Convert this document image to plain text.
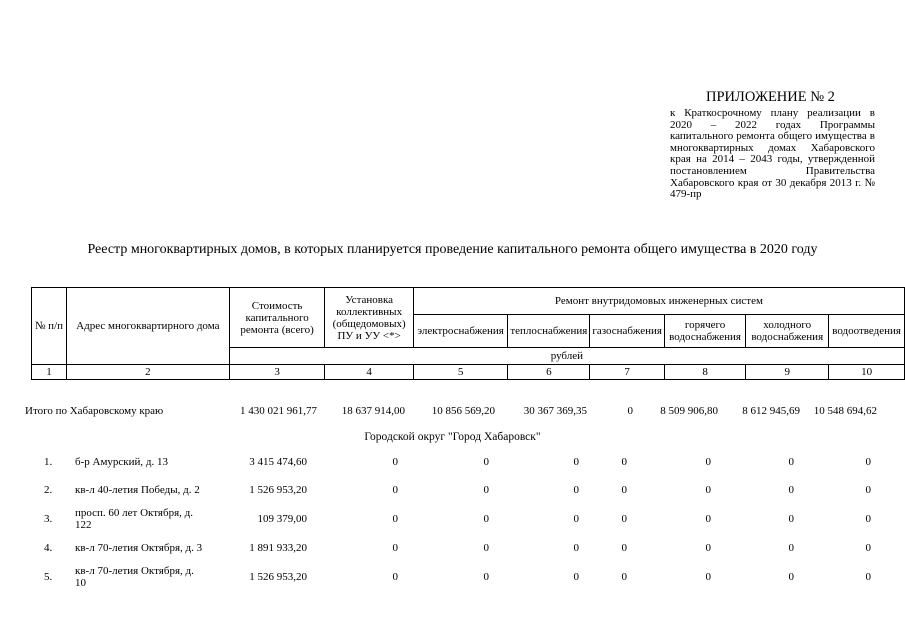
ПРИЛОЖЕНИЕ № 2
к Краткосрочному плану реализации в 2020 – 2022 годах Программы капитального ремонта общего имущества в многоквартирных домах Хабаровского края на 2014 – 2043 годы, утвержденной постановлением Правительства Хабаровского края от 30 декабря 2013 г. № 479-пр
Реестр многоквартирных домов, в которых планируется проведение капитального ремонта общего имущества в 2020 году
№ п/п	Адрес многоквартирного дома	Стоимость капитального ремонта (всего)	Установка коллективных (общедомовых) ПУ и УУ <*>	Ремонт внутридомовых инженерных систем					
				электроснабжения	теплоснабжения	газоснабжения	горячего водоснабжения	холодного водоснабжения	водоотведения
		рублей							
1	2	3	4	5	6	7	8	9	10
Итого по Хабаровскому краю	1 430 021 961,77	18 637 914,00	10 856 569,20	30 367 369,35	0	8 509 906,80	8 612 945,69	10 548 694,62
Городской округ "Город Хабаровск"
1.	б-р Амурский, д. 13	3 415 474,60	0	0	0	0	0	0	0
2.	кв-л 40-летия Победы, д. 2	1 526 953,20	0	0	0	0	0	0	0
3.	просп. 60 лет Октября, д. 122	109 379,00	0	0	0	0	0	0	0
4.	кв-л 70-летия Октября, д. 3	1 891 933,20	0	0	0	0	0	0	0
5.	кв-л 70-летия Октября, д. 10	1 526 953,20	0	0	0	0	0	0	0
